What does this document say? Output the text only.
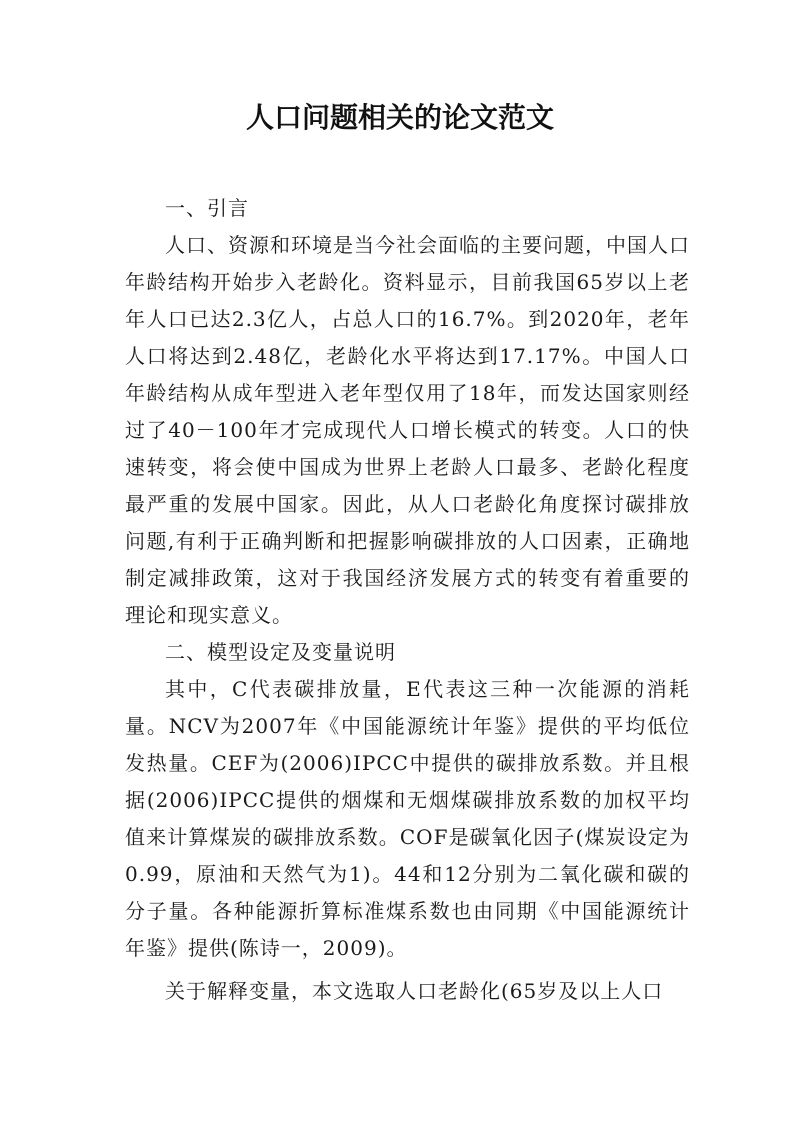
人口问题相关的论文范文

一、引言

人口、资源和环境是当今社会面临的主要问题，中国人口年龄结构开始步入老龄化。资料显示，目前我国65岁以上老年人口已达2.3亿人，占总人口的16.7%。到2020年，老年人口将达到2.48亿，老龄化水平将达到17.17%。中国人口年龄结构从成年型进入老年型仅用了18年，而发达国家则经过了40－100年才完成现代人口增长模式的转变。人口的快速转变，将会使中国成为世界上老龄人口最多、老龄化程度最严重的发展中国家。因此，从人口老龄化角度探讨碳排放问题,有利于正确判断和把握影响碳排放的人口因素，正确地制定减排政策，这对于我国经济发展方式的转变有着重要的理论和现实意义。

二、模型设定及变量说明

其中，C代表碳排放量，E代表这三种一次能源的消耗量。NCV为2007年《中国能源统计年鉴》提供的平均低位发热量。CEF为(2006)IPCC中提供的碳排放系数。并且根据(2006)IPCC提供的烟煤和无烟煤碳排放系数的加权平均值来计算煤炭的碳排放系数。COF是碳氧化因子(煤炭设定为0.99，原油和天然气为1)。44和12分别为二氧化碳和碳的分子量。各种能源折算标准煤系数也由同期《中国能源统计年鉴》提供(陈诗一，2009)。

关于解释变量，本文选取人口老龄化(65岁及以上人口
